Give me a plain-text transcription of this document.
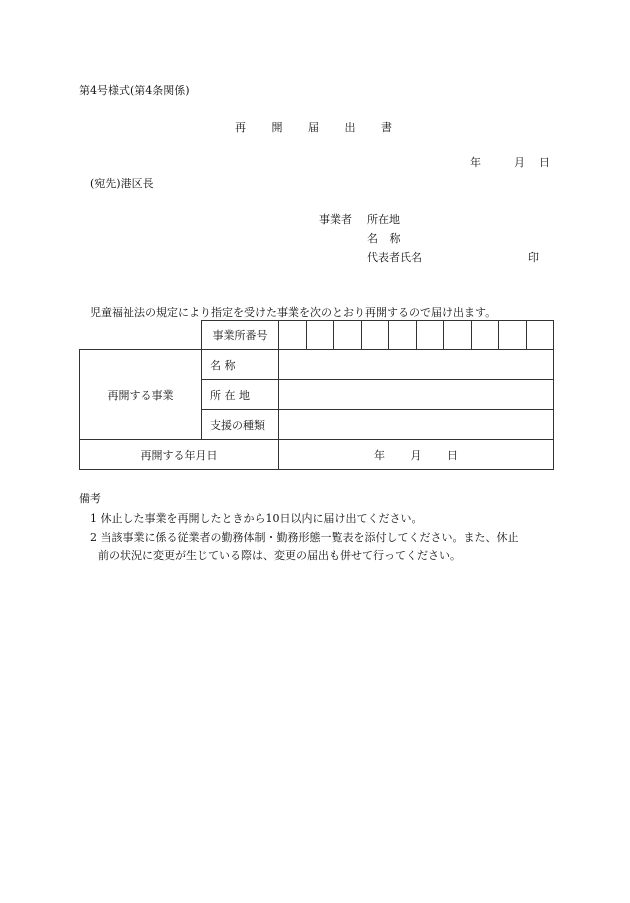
第4号様式(第4条関係)
再 開 届 出 書
年	月 日
(宛先)港区長
事業者 所在地
名 称
代表者氏名	印
児童福祉法の規定により指定を受けた事業を次のとおり再開するので届け出ます。
	事業所番号										
再開する事業	名 称										

	所 在 地										
	支援の種類										
再開する年月日		年 月 日									
備考
1 休止した事業を再開したときから10日以内に届け出てください。
2 当該事業に係る従業者の勤務体制・勤務形態一覧表を添付してください。また、休止
前の状況に変更が生じている際は、変更の届出も併せて行ってください。
